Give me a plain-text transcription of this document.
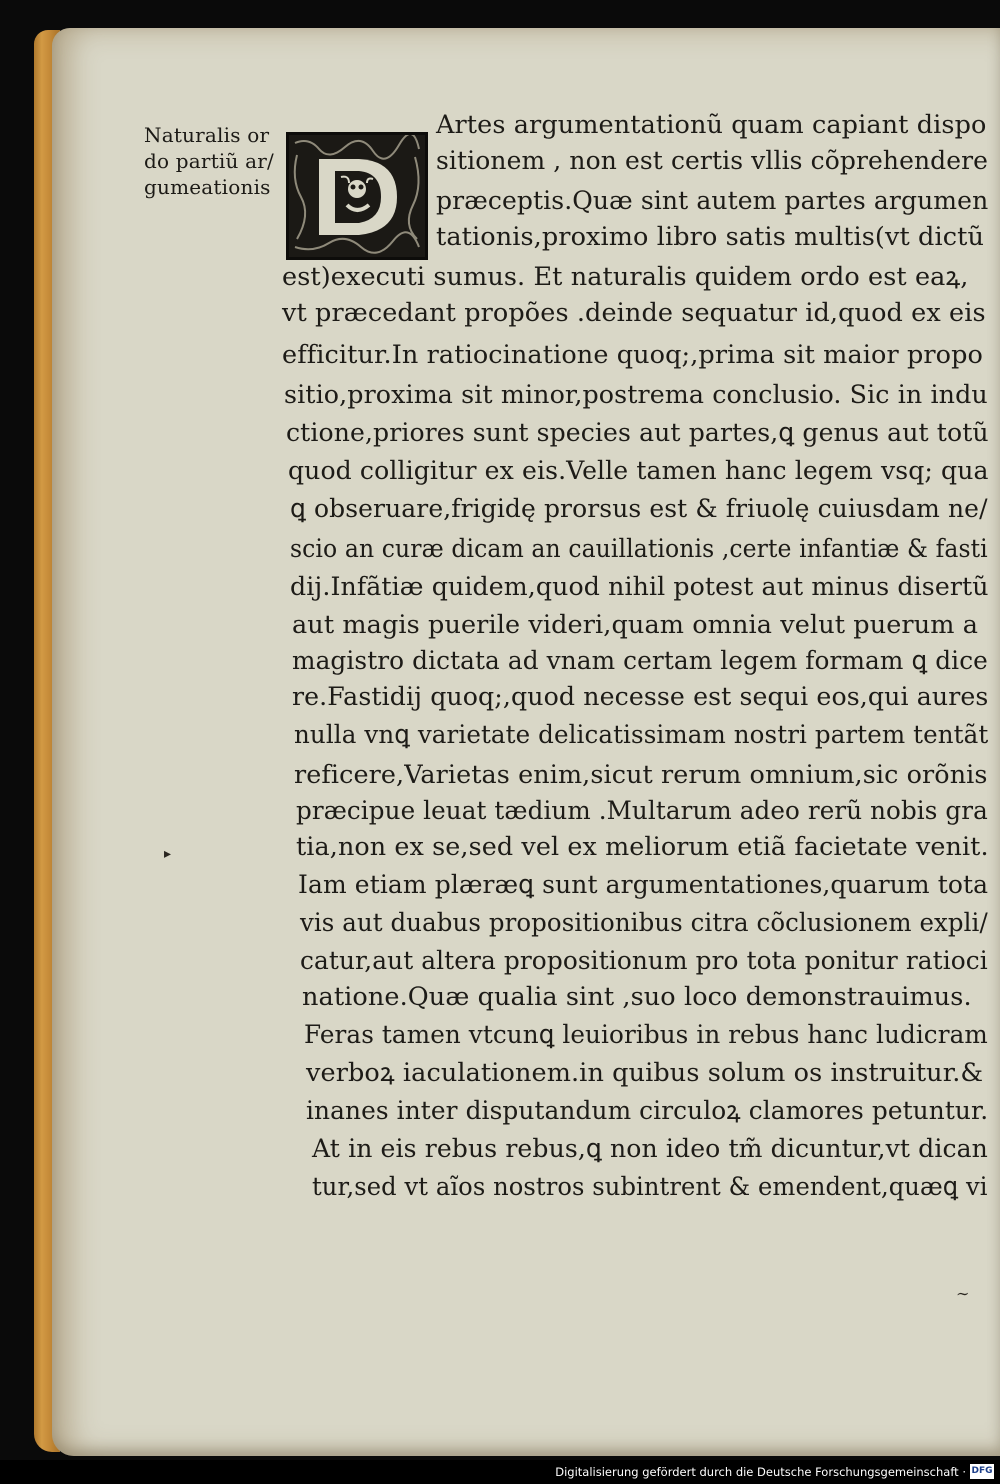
Naturalis or
do partiũ ar/
gumeationis
Artes argumentationũ quam capiant dispo
sitionem , non est certis vllis cõprehendere
præceptis.Quæ sint autem partes argumen
tationis,proximo libro satis multis(vt dictũ
est)executi sumus. Et naturalis quidem ordo est eaꝝ,
vt præcedant propões .deinde sequatur id,quod ex eis
efficitur.In ratiocinatione quoq;,prima sit maior propo
sitio,proxima sit minor,postrema conclusio. Sic in indu
ctione,priores sunt species aut partes,ꝗ genus aut totũ
quod colligitur ex eis.Velle tamen hanc legem vsq; qua
ꝗ obseruare,frigidę prorsus est & friuolę cuiusdam ne/
scio an curæ dicam an cauillationis ,certe infantiæ & fasti
dij.Infãtiæ quidem,quod nihil potest aut minus disertũ
aut magis puerile videri,quam omnia velut puerum a
magistro dictata ad vnam certam legem formam ꝗ dice
re.Fastidij quoq;,quod necesse est sequi eos,qui aures
nulla vnꝗ varietate delicatissimam nostri partem tentãt
reficere,Varietas enim,sicut rerum omnium,sic orõnis
præcipue leuat tædium .Multarum adeo rerũ nobis gra
tia,non ex se,sed vel ex meliorum etiã facietate venit.
Iam etiam plæræꝗ sunt argumentationes,quarum tota
vis aut duabus propositionibus citra cõclusionem expli/
catur,aut altera propositionum pro tota ponitur ratioci
natione.Quæ qualia sint ,suo loco demonstrauimus.
Feras tamen vtcunꝗ leuioribus in rebus hanc ludicram
verboꝝ iaculationem.in quibus solum os instruitur.&
inanes inter disputandum circuloꝝ clamores petuntur.
At in eis rebus rebus,ꝗ non ideo tm̃ dicuntur,vt dican
tur,sed vt aĩos nostros subintrent & emendent,quæꝗ vi
▸
∼
Digitalisierung gefördert durch die Deutsche Forschungsgemeinschaft · DFG
